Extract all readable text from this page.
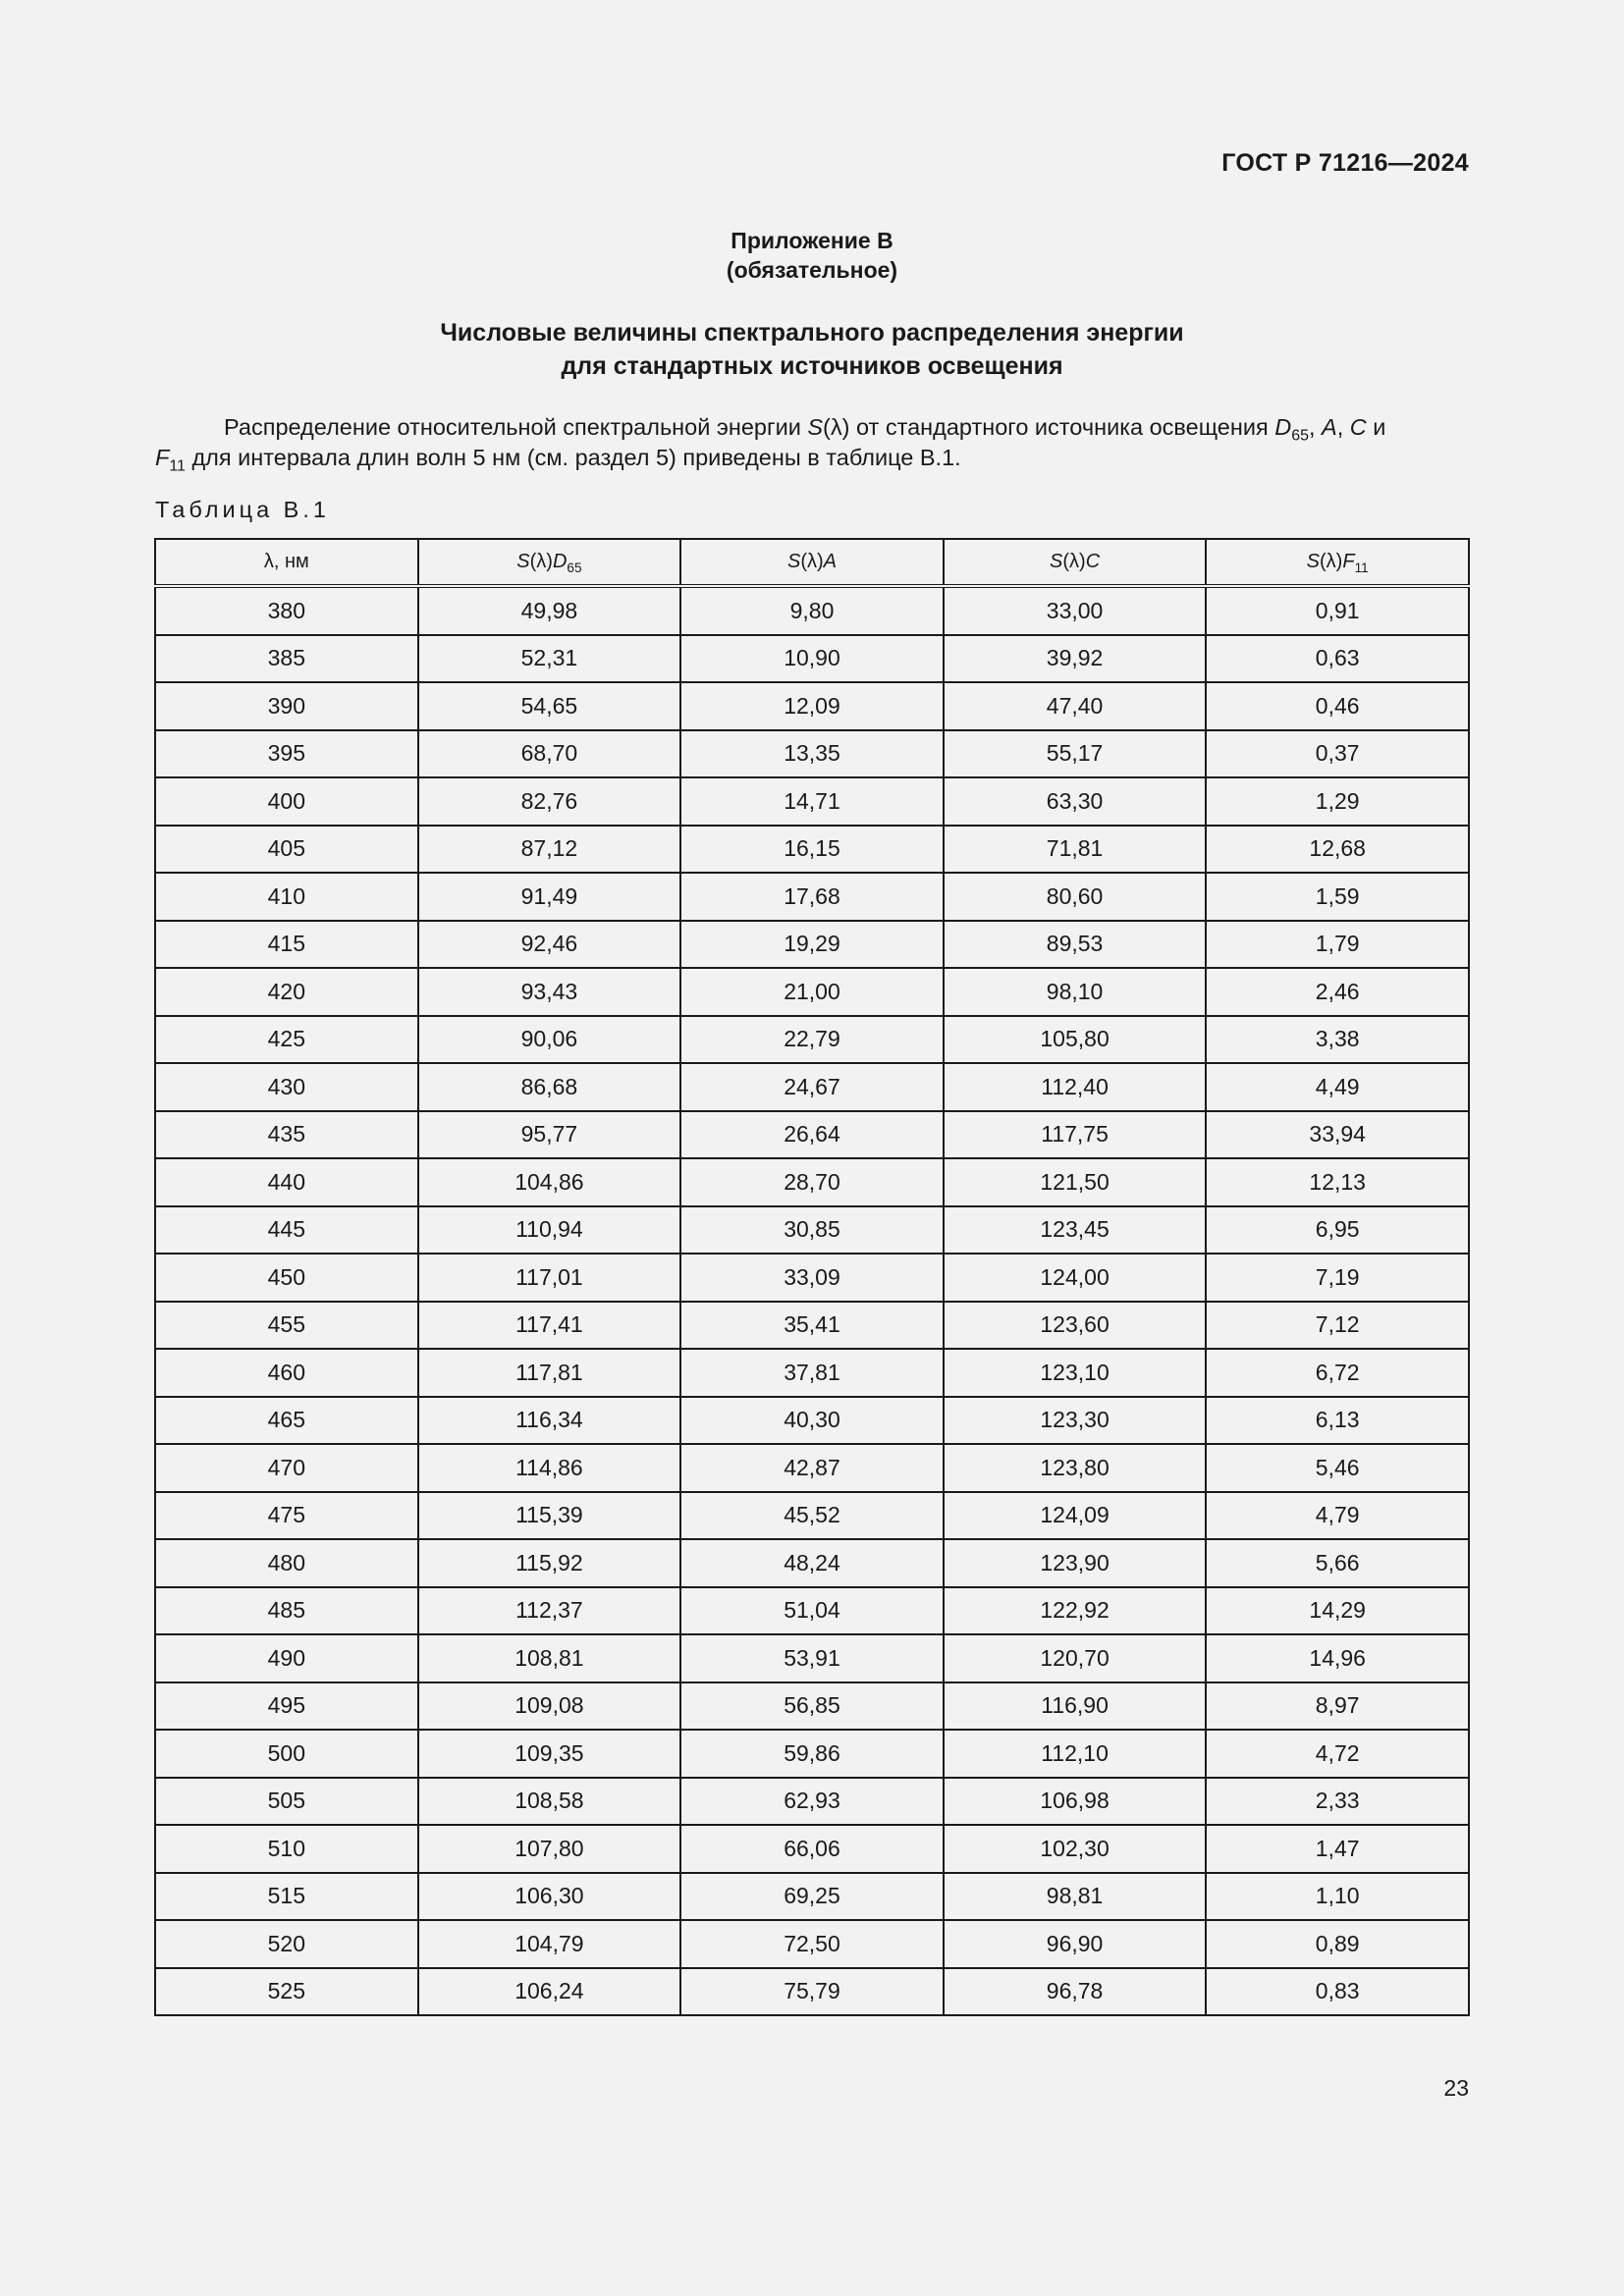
ГОСТ Р 71216—2024
Приложение В
(обязательное)
Числовые величины спектрального распределения энергии
для стандартных источников освещения

Распределение относительной спектральной энергии S(λ) от стандартного источника освещения $D_{65}$, A, C и

$F_{11}$ для интервала длин волн 5 нм (см. раздел 5) приведены в таблице В.1.

Таблица В.1
λ, нм	$S(\lambda)D_{65}$	S(λ)A	S(λ)C	$S(\lambda)F_{11}$
380	49,98	9,80	33,00	0,91
385	52,31	10,90	39,92	0,63
390	54,65	12,09	47,40	0,46
395	68,70	13,35	55,17	0,37
400	82,76	14,71	63,30	1,29
405	87,12	16,15	71,81	12,68
410	91,49	17,68	80,60	1,59
415	92,46	19,29	89,53	1,79
420	93,43	21,00	98,10	2,46
425	90,06	22,79	105,80	3,38
430	86,68	24,67	112,40	4,49
435	95,77	26,64	117,75	33,94
440	104,86	28,70	121,50	12,13
445	110,94	30,85	123,45	6,95
450	117,01	33,09	124,00	7,19
455	117,41	35,41	123,60	7,12
460	117,81	37,81	123,10	6,72
465	116,34	40,30	123,30	6,13
470	114,86	42,87	123,80	5,46
475	115,39	45,52	124,09	4,79
480	115,92	48,24	123,90	5,66
485	112,37	51,04	122,92	14,29
490	108,81	53,91	120,70	14,96
495	109,08	56,85	116,90	8,97
500	109,35	59,86	112,10	4,72
505	108,58	62,93	106,98	2,33
510	107,80	66,06	102,30	1,47
515	106,30	69,25	98,81	1,10
520	104,79	72,50	96,90	0,89
525	106,24	75,79	96,78	0,83
23
